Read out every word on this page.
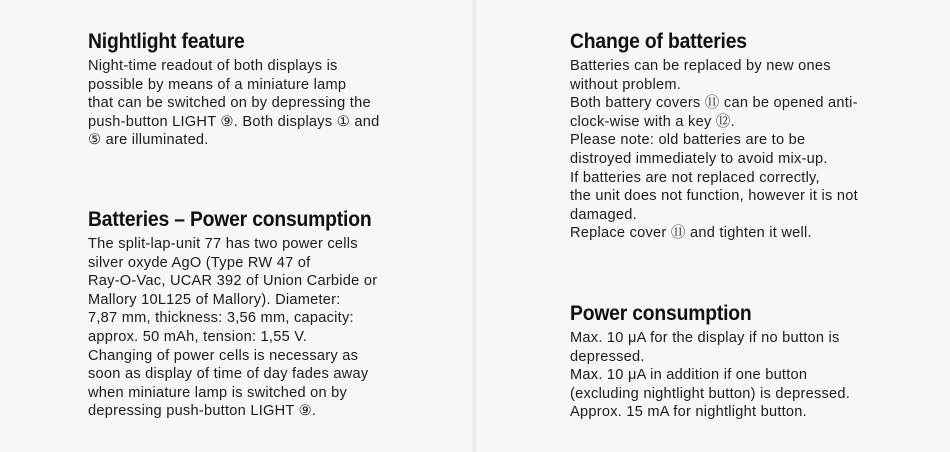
Nightlight feature
Night-time readout of both displays is
possible by means of a miniature lamp
that can be switched on by depressing the
push-button LIGHT ⑨. Both displays ① and
⑤ are illuminated.
Batteries – Power consumption
The split-lap-unit 77 has two power cells
silver oxyde AgO (Type RW 47 of
Ray-O-Vac, UCAR 392 of Union Carbide or
Mallory 10L125 of Mallory). Diameter:
7,87 mm, thickness: 3,56 mm, capacity:
approx. 50 mAh, tension: 1,55 V.
Changing of power cells is necessary as
soon as display of time of day fades away
when miniature lamp is switched on by
depressing push-button LIGHT ⑨.
Change of batteries
Batteries can be replaced by new ones
without problem.
Both battery covers ⑪ can be opened anti-
clock-wise with a key ⑫.
Please note: old batteries are to be
distroyed immediately to avoid mix-up.
If batteries are not replaced correctly,
the unit does not function, however it is not
damaged.
Replace cover ⑪ and tighten it well.
Power consumption
Max. 10 μA for the display if no button is
depressed.
Max. 10 μA in addition if one button
(excluding nightlight button) is depressed.
Approx. 15 mA for nightlight button.
